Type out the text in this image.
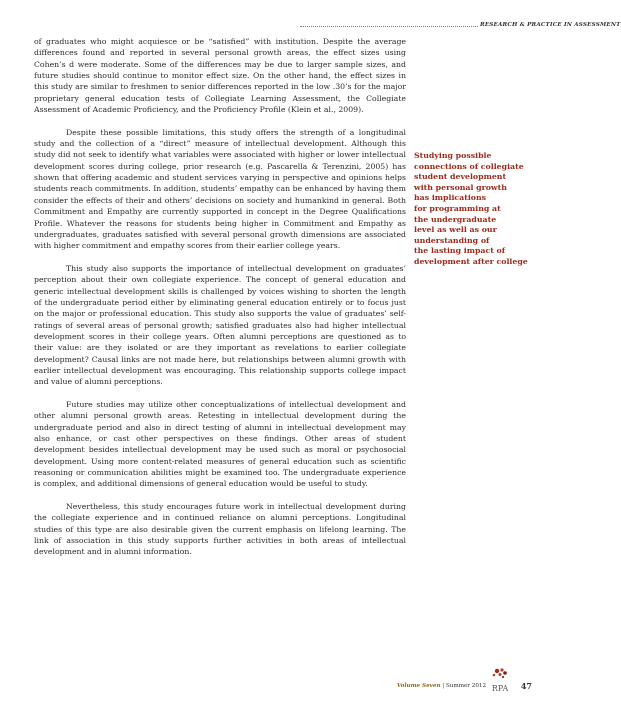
RESEARCH & PRACTICE IN ASSESSMENT

of graduates who might acquiesce or be “satisfied” with institution. Despite the average differences found and reported in several personal growth areas, the effect sizes using Cohen’s d were moderate. Some of the differences may be due to larger sample sizes, and future studies should continue to monitor effect size. On the other hand, the effect sizes in this study are similar to freshmen to senior differences reported in the low .30’s for the major proprietary general education tests of Collegiate Learning Assessment, the Collegiate Assessment of Academic Proficiency, and the Proficiency Profile (Klein et al., 2009).

Despite these possible limitations, this study offers the strength of a longitudinal study and the collection of a “direct” measure of intellectual development. Although this study did not seek to identify what variables were associated with higher or lower intellectual development scores during college, prior research (e.g. Pascarella & Terenzini, 2005) has shown that offering academic and student services varying in perspective and opinions helps students reach commitments. In addition, students’ empathy can be enhanced by having them consider the effects of their and others’ decisions on society and humankind in general. Both Commitment and Empathy are currently supported in concept in the Degree Qualifications Profile. Whatever the reasons for students being higher in Commitment and Empathy as undergraduates, graduates satisfied with several personal growth dimensions are associated with higher commitment and empathy scores from their earlier college years.

This study also supports the importance of intellectual development on graduates’ perception about their own collegiate experience. The concept of general education and generic intellectual development skills is challenged by voices wishing to shorten the length of the undergraduate period either by eliminating general education entirely or to focus just on the major or professional education. This study also supports the value of graduates’ self-ratings of several areas of personal growth; satisfied graduates also had higher intellectual development scores in their college years. Often alumni perceptions are questioned as to their value: are they isolated or are they important as revelations to earlier collegiate development? Causal links are not made here, but relationships between alumni growth with earlier intellectual development was encouraging. This relationship supports college impact and value of alumni perceptions.

Future studies may utilize other conceptualizations of intellectual development and other alumni personal growth areas. Retesting in intellectual development during the undergraduate period and also in direct testing of alumni in intellectual development may also enhance, or cast other perspectives on these findings. Other areas of student development besides intellectual development may be used such as moral or psychosocial development. Using more content-related measures of general education such as scientific reasoning or communication abilities might be examined too. The undergraduate experience is complex, and additional dimensions of general education would be useful to study.

Nevertheless, this study encourages future work in intellectual development during the collegiate experience and in continued reliance on alumni perceptions. Longitudinal studies of this type are also desirable given the current emphasis on lifelong learning. The link of association in this study supports further activities in both areas of intellectual development and in alumni information.

Studying possible
connections of collegiate
student development
with personal growth
has implications
for programming at
the undergraduate
level as well as our
understanding of
the lasting impact of
development after college
Volume Seven | Summer 2012 RPA 47
